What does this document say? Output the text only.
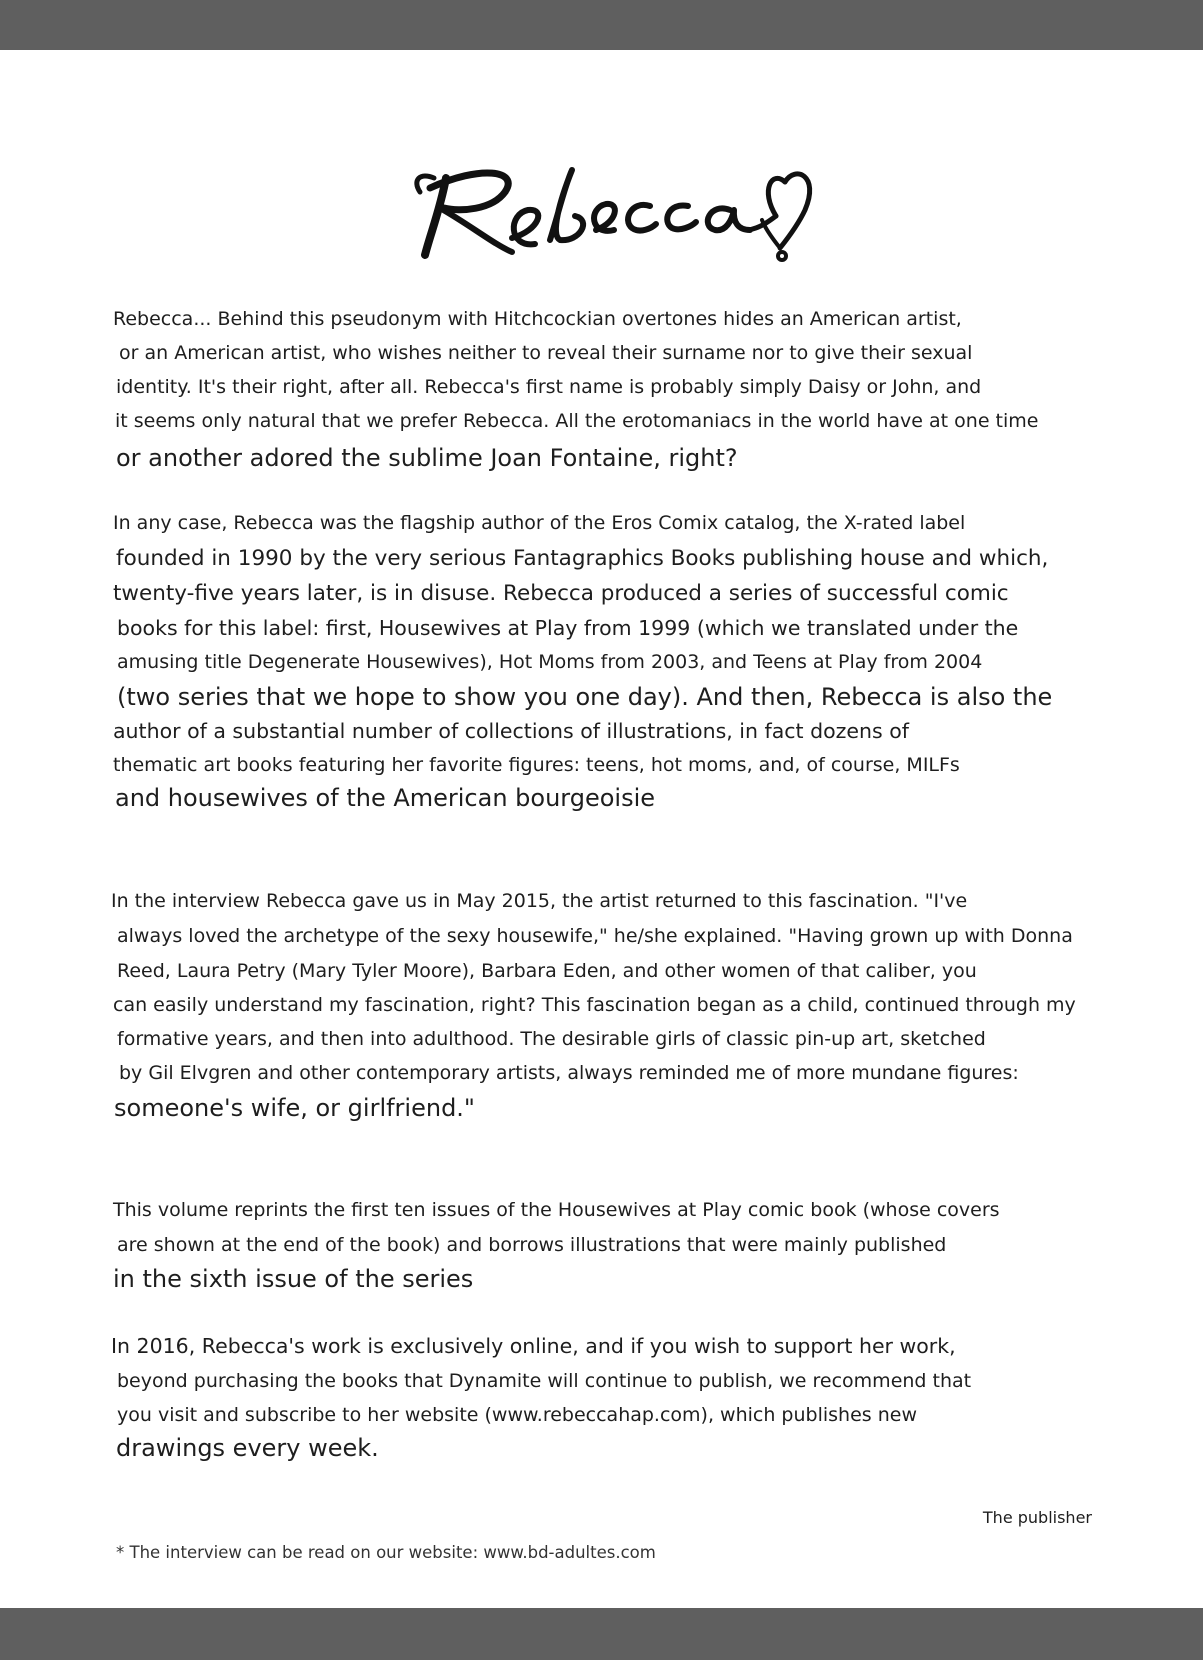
Rebecca... Behind this pseudonym with Hitchcockian overtones hides an American artist,
or an American artist, who wishes neither to reveal their surname nor to give their sexual
identity. It's their right, after all. Rebecca's first name is probably simply Daisy or John, and
it seems only natural that we prefer Rebecca. All the erotomaniacs in the world have at one time
or another adored the sublime Joan Fontaine, right?
In any case, Rebecca was the flagship author of the Eros Comix catalog, the X-rated label
founded in 1990 by the very serious Fantagraphics Books publishing house and which,
twenty-five years later, is in disuse. Rebecca produced a series of successful comic
books for this label: first, Housewives at Play from 1999 (which we translated under the
amusing title Degenerate Housewives), Hot Moms from 2003, and Teens at Play from 2004
(two series that we hope to show you one day). And then, Rebecca is also the
author of a substantial number of collections of illustrations, in fact dozens of
thematic art books featuring her favorite figures: teens, hot moms, and, of course, MILFs
and housewives of the American bourgeoisie
In the interview Rebecca gave us in May 2015, the artist returned to this fascination. "I've
always loved the archetype of the sexy housewife," he/she explained. "Having grown up with Donna
Reed, Laura Petry (Mary Tyler Moore), Barbara Eden, and other women of that caliber, you
can easily understand my fascination, right? This fascination began as a child, continued through my
formative years, and then into adulthood. The desirable girls of classic pin-up art, sketched
by Gil Elvgren and other contemporary artists, always reminded me of more mundane figures:
someone's wife, or girlfriend."
This volume reprints the first ten issues of the Housewives at Play comic book (whose covers
are shown at the end of the book) and borrows illustrations that were mainly published
in the sixth issue of the series
In 2016, Rebecca's work is exclusively online, and if you wish to support her work,
beyond purchasing the books that Dynamite will continue to publish, we recommend that
you visit and subscribe to her website (www.rebeccahap.com), which publishes new
drawings every week.
The publisher
* The interview can be read on our website: www.bd-adultes.com
